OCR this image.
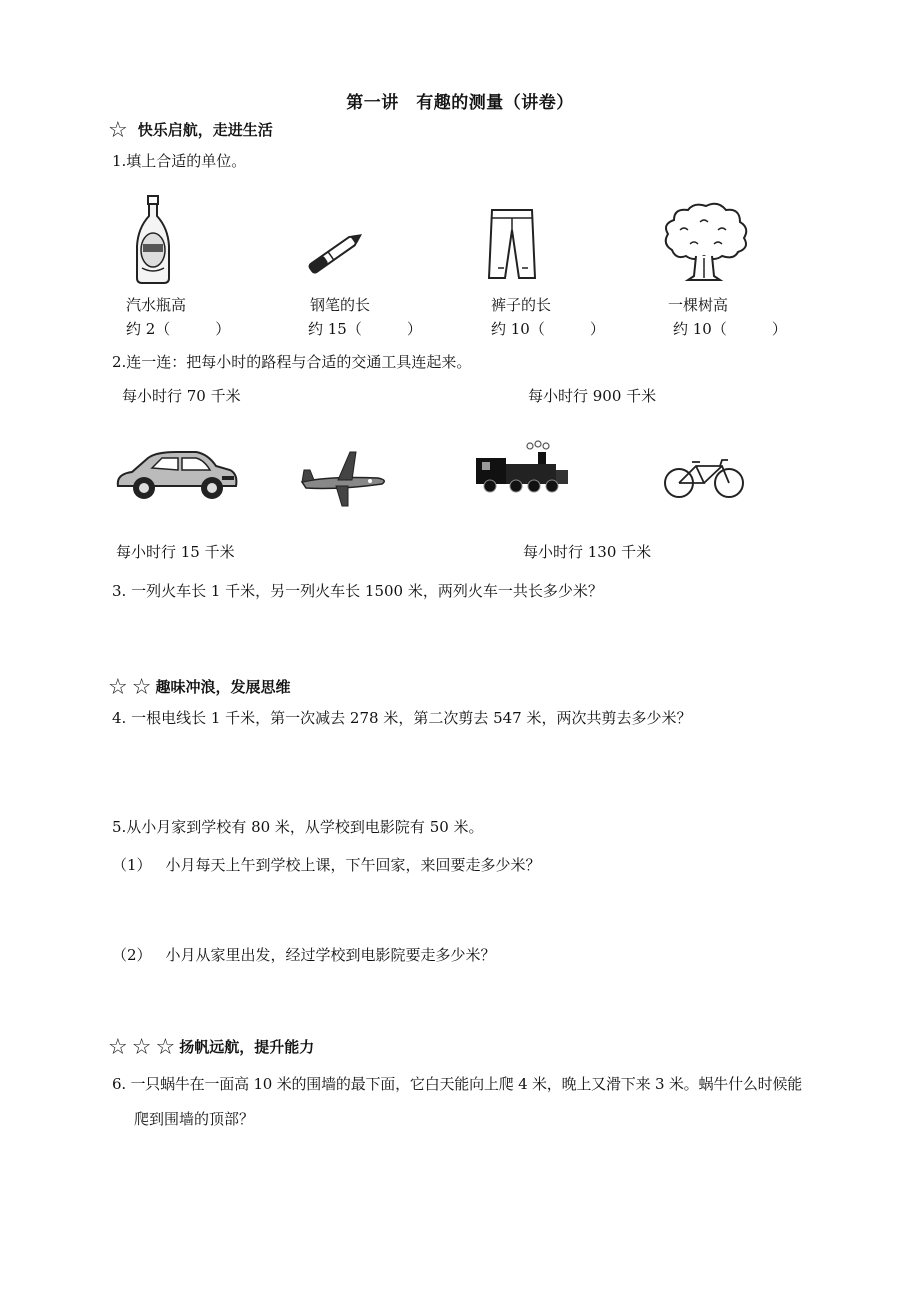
第一讲　有趣的测量（讲卷）
☆ 快乐启航，走进生活
1.填上合适的单位。
汽水瓶高	钢笔的长	裤子的长	一棵树高
约 2（　　　）	约 15（　　　）	约 10（　　　）	约 10（　　　）
2.连一连：把每小时的路程与合适的交通工具连起来。
每小时行 70 千米	每小时行 900 千米
每小时行 15 千米	每小时行 130 千米
3. 一列火车长 1 千米，另一列火车长 1500 米，两列火车一共长多少米？
☆ ☆ 趣味冲浪，发展思维
4. 一根电线长 1 千米，第一次减去 278 米，第二次剪去 547 米，两次共剪去多少米？
5.从小月家到学校有 80 米，从学校到电影院有 50 米。
（1） 小月每天上午到学校上课，下午回家，来回要走多少米？
（2） 小月从家里出发，经过学校到电影院要走多少米？
☆ ☆ ☆ 扬帆远航，提升能力
6. 一只蜗牛在一面高 10 米的围墙的最下面，它白天能向上爬 4 米，晚上又滑下来 3 米。蜗牛什么时候能
爬到围墙的顶部？
